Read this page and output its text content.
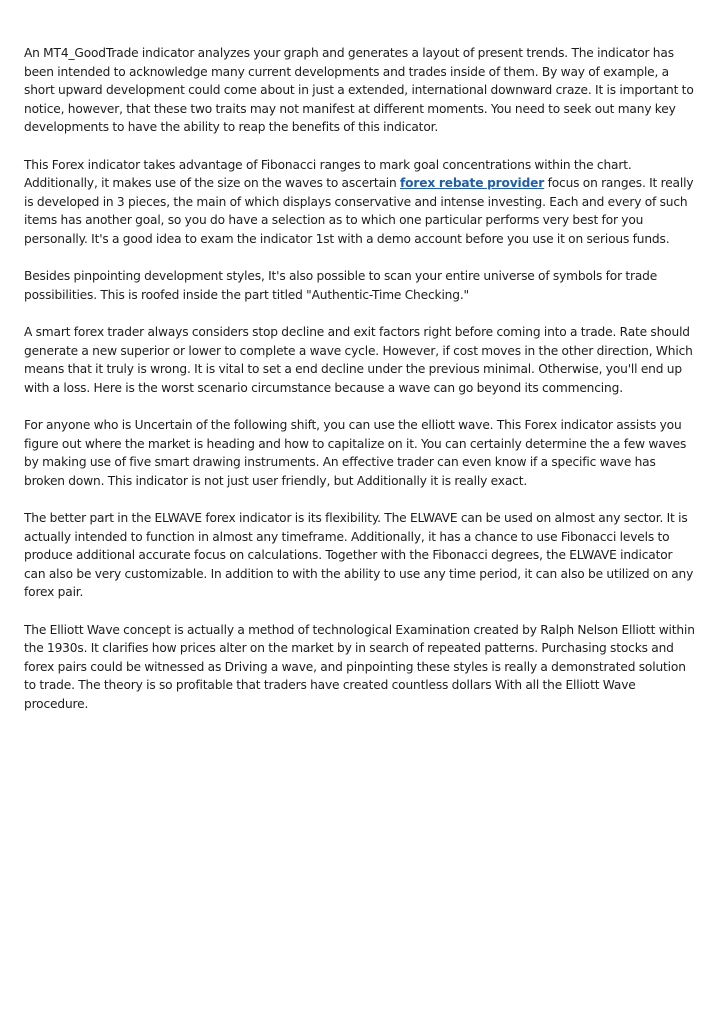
An MT4_GoodTrade indicator analyzes your graph and generates a layout of present trends. The indicator has been intended to acknowledge many current developments and trades inside of them. By way of example, a short upward development could come about in just a extended, international downward craze. It is important to notice, however, that these two traits may not manifest at different moments. You need to seek out many key developments to have the ability to reap the benefits of this indicator.

This Forex indicator takes advantage of Fibonacci ranges to mark goal concentrations within the chart. Additionally, it makes use of the size on the waves to ascertain forex rebate provider focus on ranges. It really is developed in 3 pieces, the main of which displays conservative and intense investing. Each and every of such items has another goal, so you do have a selection as to which one particular performs very best for you personally. It's a good idea to exam the indicator 1st with a demo account before you use it on serious funds.

Besides pinpointing development styles, It's also possible to scan your entire universe of symbols for trade possibilities. This is roofed inside the part titled "Authentic-Time Checking."

A smart forex trader always considers stop decline and exit factors right before coming into a trade. Rate should generate a new superior or lower to complete a wave cycle. However, if cost moves in the other direction, Which means that it truly is wrong. It is vital to set a end decline under the previous minimal. Otherwise, you'll end up with a loss. Here is the worst scenario circumstance because a wave can go beyond its commencing.

For anyone who is Uncertain of the following shift, you can use the elliott wave. This Forex indicator assists you figure out where the market is heading and how to capitalize on it. You can certainly determine the a few waves by making use of five smart drawing instruments. An effective trader can even know if a specific wave has broken down. This indicator is not just user friendly, but Additionally it is really exact.

The better part in the ELWAVE forex indicator is its flexibility. The ELWAVE can be used on almost any sector. It is actually intended to function in almost any timeframe. Additionally, it has a chance to use Fibonacci levels to produce additional accurate focus on calculations. Together with the Fibonacci degrees, the ELWAVE indicator can also be very customizable. In addition to with the ability to use any time period, it can also be utilized on any forex pair.

The Elliott Wave concept is actually a method of technological Examination created by Ralph Nelson Elliott within the 1930s. It clarifies how prices alter on the market by in search of repeated patterns. Purchasing stocks and forex pairs could be witnessed as Driving a wave, and pinpointing these styles is really a demonstrated solution to trade. The theory is so profitable that traders have created countless dollars With all the Elliott Wave procedure.
